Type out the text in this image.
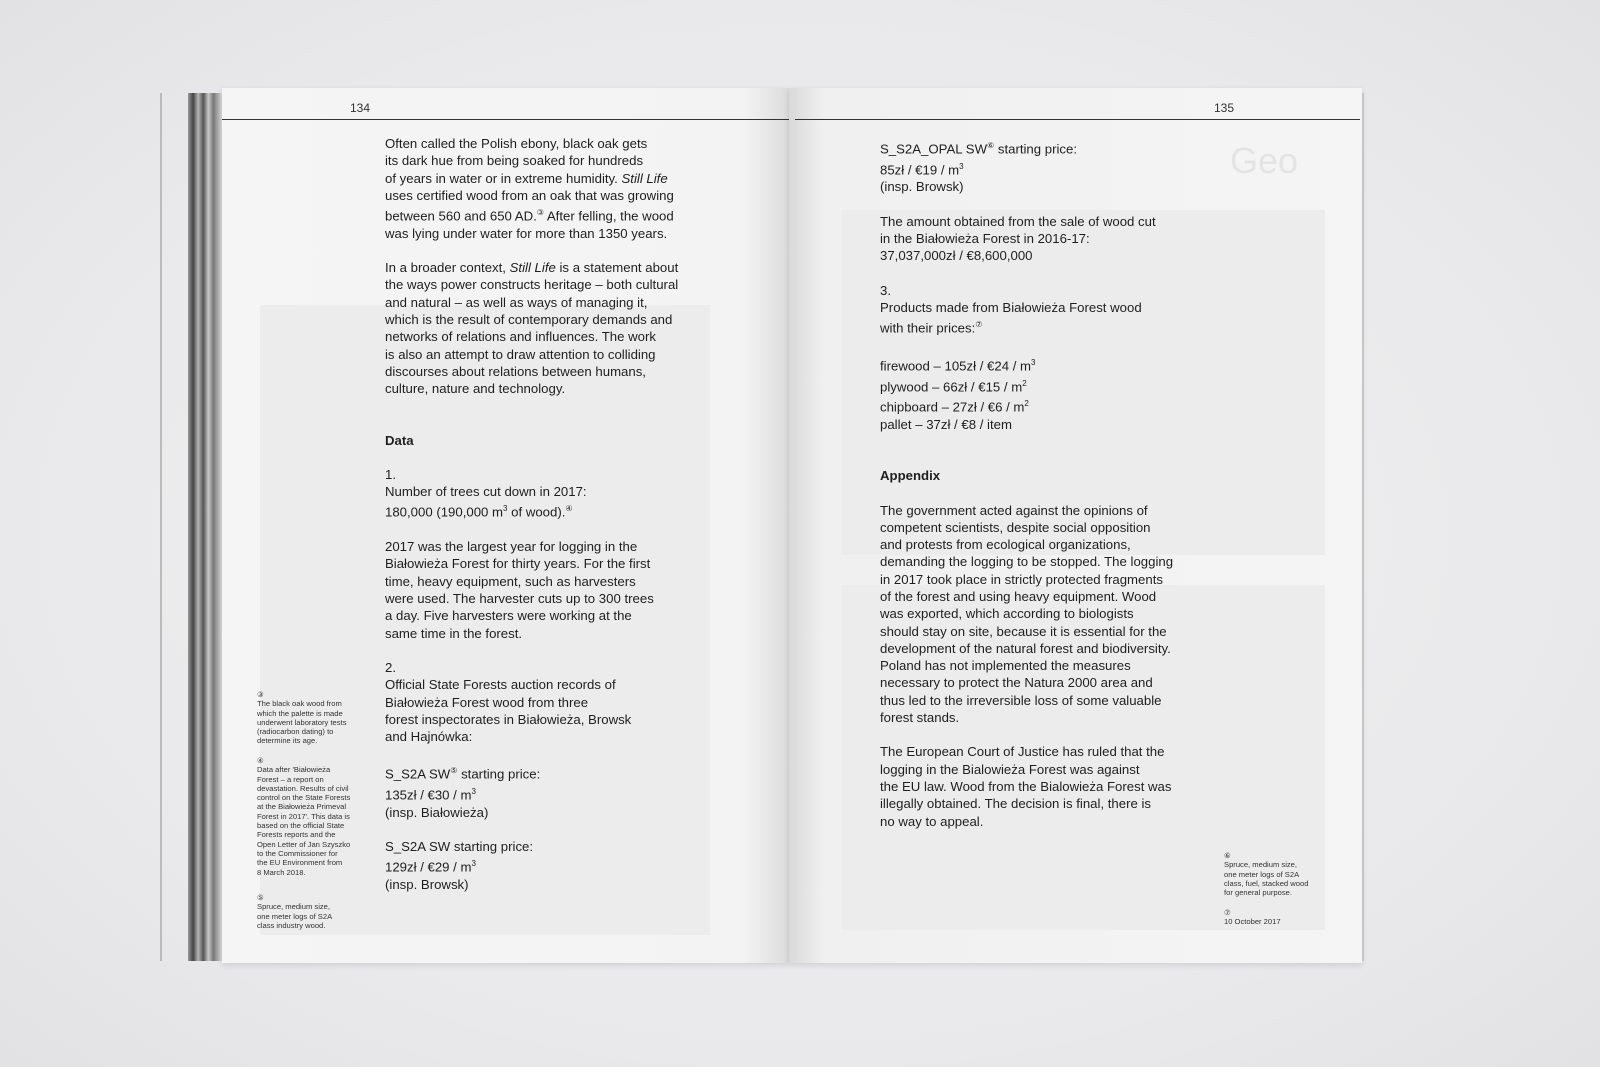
Geo
134	135

Often called the Polish ebony, black oak gets

its dark hue from being soaked for hundreds

of years in water or in extreme humidity. Still Life

uses certified wood from an oak that was growing

between 560 and 650 AD.③ After felling, the wood

was lying under water for more than 1350 years.

In a broader context, Still Life is a statement about

the ways power constructs heritage – both cultural

and natural – as well as ways of managing it,

which is the result of contemporary demands and

networks of relations and influences. The work

is also an attempt to draw attention to colliding

discourses about relations between humans,

culture, nature and technology.

Data

1.

Number of trees cut down in 2017:

180,000 (190,000 $m^3$ of wood).④

2017 was the largest year for logging in the

Białowieża Forest for thirty years. For the first

time, heavy equipment, such as harvesters

were used. The harvester cuts up to 300 trees

a day. Five harvesters were working at the

same time in the forest.

2.

Official State Forests auction records of

Białowieża Forest wood from three

forest inspectorates in Białowieża, Browsk

and Hajnówka:

S_S2A SW⑤ starting price:

135zł / €30 / $m^3$

(insp. Białowieża)

S_S2A SW starting price:

129zł / €29 / $m^3$

(insp. Browsk)

③

The black oak wood from

which the palette is made

underwent laboratory tests

(radiocarbon dating) to

determine its age.

④

Data after 'Białowieża

Forest – a report on

devastation. Results of civil

control on the State Forests

at the Białowieża Primeval

Forest in 2017'. This data is

based on the official State

Forests reports and the

Open Letter of Jan Szyszko

to the Commissioner for

the EU Environment from

8 March 2018.

⑤

Spruce, medium size,

one meter logs of S2A

class industry wood.

S_S2A_OPAL SW⑥ starting price:

85zł / €19 / $m^3$

(insp. Browsk)

The amount obtained from the sale of wood cut

in the Białowieża Forest in 2016-17:

37,037,000zł / €8,600,000

3.

Products made from Białowieża Forest wood

with their prices:⑦

firewood – 105zł / €24 / $m^3$

plywood – 66zł / €15 / $m^2$

chipboard – 27zł / €6 / $m^2$

pallet – 37zł / €8 / item

Appendix

The government acted against the opinions of

competent scientists, despite social opposition

and protests from ecological organizations,

demanding the logging to be stopped. The logging

in 2017 took place in strictly protected fragments

of the forest and using heavy equipment. Wood

was exported, which according to biologists

should stay on site, because it is essential for the

development of the natural forest and biodiversity.

Poland has not implemented the measures

necessary to protect the Natura 2000 area and

thus led to the irreversible loss of some valuable

forest stands.

The European Court of Justice has ruled that the

logging in the Bialowieża Forest was against

the EU law. Wood from the Bialowieża Forest was

illegally obtained. The decision is final, there is

no way to appeal.

⑥

Spruce, medium size,

one meter logs of S2A

class, fuel, stacked wood

for general purpose.

⑦

10 October 2017
